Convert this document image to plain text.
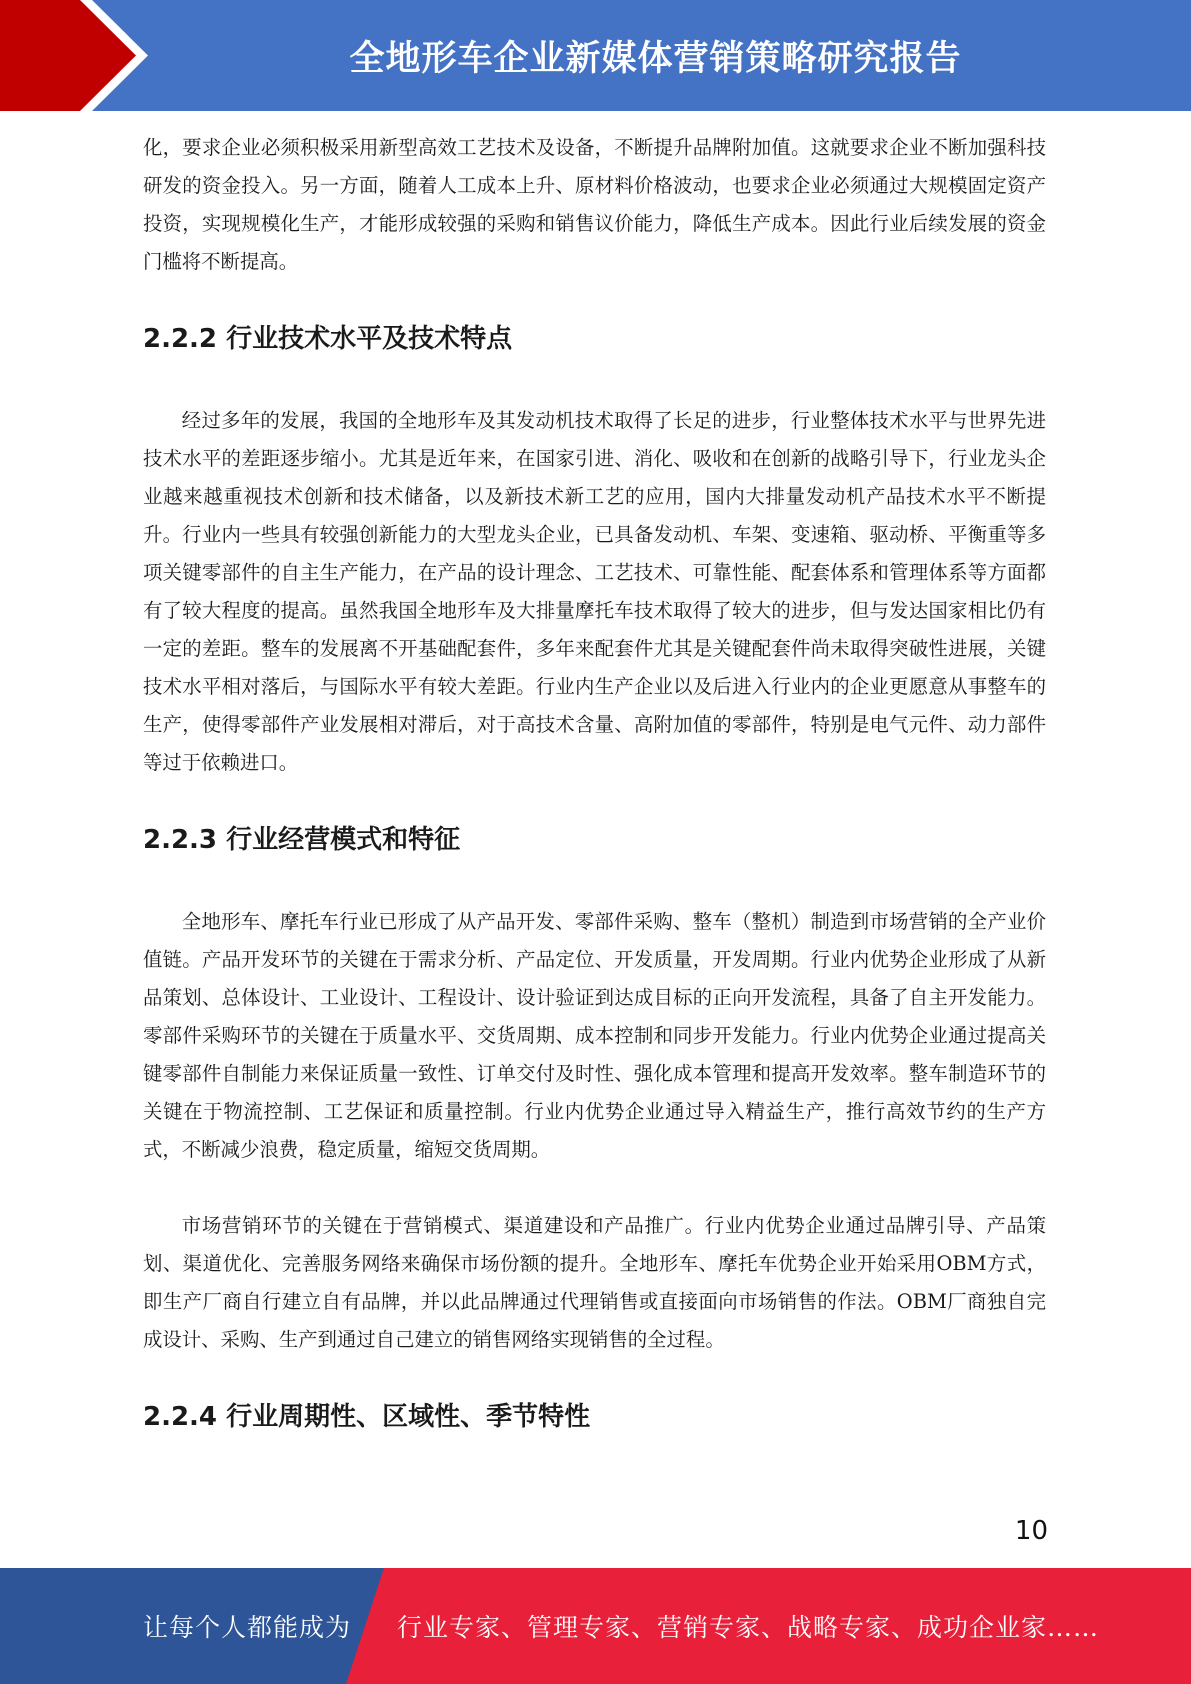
全地形车企业新媒体营销策略研究报告

化，要求企业必须积极采用新型高效工艺技术及设备，不断提升品牌附加值。这就要求企业不断加强科技研发的资金投入。另一方面，随着人工成本上升、原材料价格波动，也要求企业必须通过大规模固定资产投资，实现规模化生产，才能形成较强的采购和销售议价能力，降低生产成本。因此行业后续发展的资金门槛将不断提高。

2.2.2 行业技术水平及技术特点

经过多年的发展，我国的全地形车及其发动机技术取得了长足的进步，行业整体技术水平与世界先进技术水平的差距逐步缩小。尤其是近年来，在国家引进、消化、吸收和在创新的战略引导下，行业龙头企业越来越重视技术创新和技术储备，以及新技术新工艺的应用，国内大排量发动机产品技术水平不断提升。行业内一些具有较强创新能力的大型龙头企业，已具备发动机、车架、变速箱、驱动桥、平衡重等多项关键零部件的自主生产能力，在产品的设计理念、工艺技术、可靠性能、配套体系和管理体系等方面都有了较大程度的提高。虽然我国全地形车及大排量摩托车技术取得了较大的进步，但与发达国家相比仍有一定的差距。整车的发展离不开基础配套件，多年来配套件尤其是关键配套件尚未取得突破性进展，关键技术水平相对落后，与国际水平有较大差距。行业内生产企业以及后进入行业内的企业更愿意从事整车的生产，使得零部件产业发展相对滞后，对于高技术含量、高附加值的零部件，特别是电气元件、动力部件等过于依赖进口。

2.2.3 行业经营模式和特征

全地形车、摩托车行业已形成了从产品开发、零部件采购、整车（整机）制造到市场营销的全产业价值链。产品开发环节的关键在于需求分析、产品定位、开发质量，开发周期。行业内优势企业形成了从新品策划、总体设计、工业设计、工程设计、设计验证到达成目标的正向开发流程，具备了自主开发能力。零部件采购环节的关键在于质量水平、交货周期、成本控制和同步开发能力。行业内优势企业通过提高关键零部件自制能力来保证质量一致性、订单交付及时性、强化成本管理和提高开发效率。整车制造环节的关键在于物流控制、工艺保证和质量控制。行业内优势企业通过导入精益生产，推行高效节约的生产方式，不断减少浪费，稳定质量，缩短交货周期。

市场营销环节的关键在于营销模式、渠道建设和产品推广。行业内优势企业通过品牌引导、产品策划、渠道优化、完善服务网络来确保市场份额的提升。全地形车、摩托车优势企业开始采用OBM方式，即生产厂商自行建立自有品牌，并以此品牌通过代理销售或直接面向市场销售的作法。OBM厂商独自完成设计、采购、生产到通过自己建立的销售网络实现销售的全过程。

2.2.4 行业周期性、区域性、季节特性
10
让每个人都能成为 行业专家、管理专家、营销专家、战略专家、成功企业家……
